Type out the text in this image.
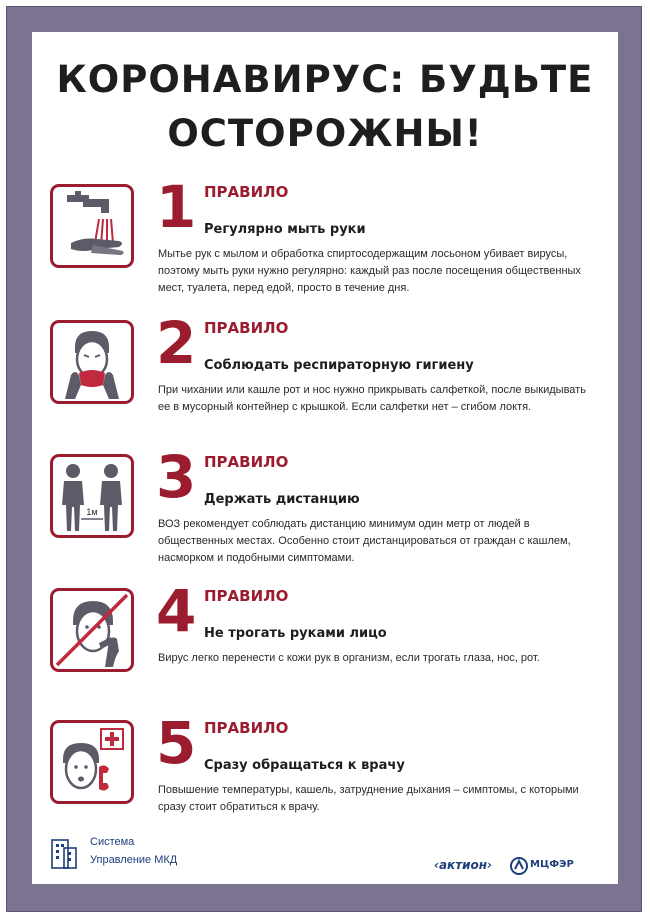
КОРОНАВИРУС: БУДЬТЕ
ОСТОРОЖНЫ!
1 ПРАВИЛО
Регулярно мыть руки
Мытье рук с мылом и обработка спиртосодержащим лосьоном убивает вирусы, поэтому мыть руки нужно регулярно: каждый раз после посещения общественных мест, туалета, перед едой, просто в течение дня.
2 ПРАВИЛО
Соблюдать респираторную гигиену
При чихании или кашле рот и нос нужно прикрывать салфеткой, после выкидывать ее в мусорный контейнер с крышкой. Если салфетки нет – сгибом локтя.
1м
3 ПРАВИЛО
Держать дистанцию
ВОЗ рекомендует соблюдать дистанцию минимум один метр от людей в общественных местах. Особенно стоит дистанцироваться от граждан с кашлем, насморком и подобными симптомами.
4 ПРАВИЛО
Не трогать руками лицо
Вирус легко перенести с кожи рук в организм, если трогать глаза, нос, рот.
5 ПРАВИЛО
Сразу обращаться к врачу
Повышение температуры, кашель, затруднение дыхания – симптомы, с которыми сразу стоит обратиться к врачу.
Система
Управление МКД	‹актион›	МЦФЭР
